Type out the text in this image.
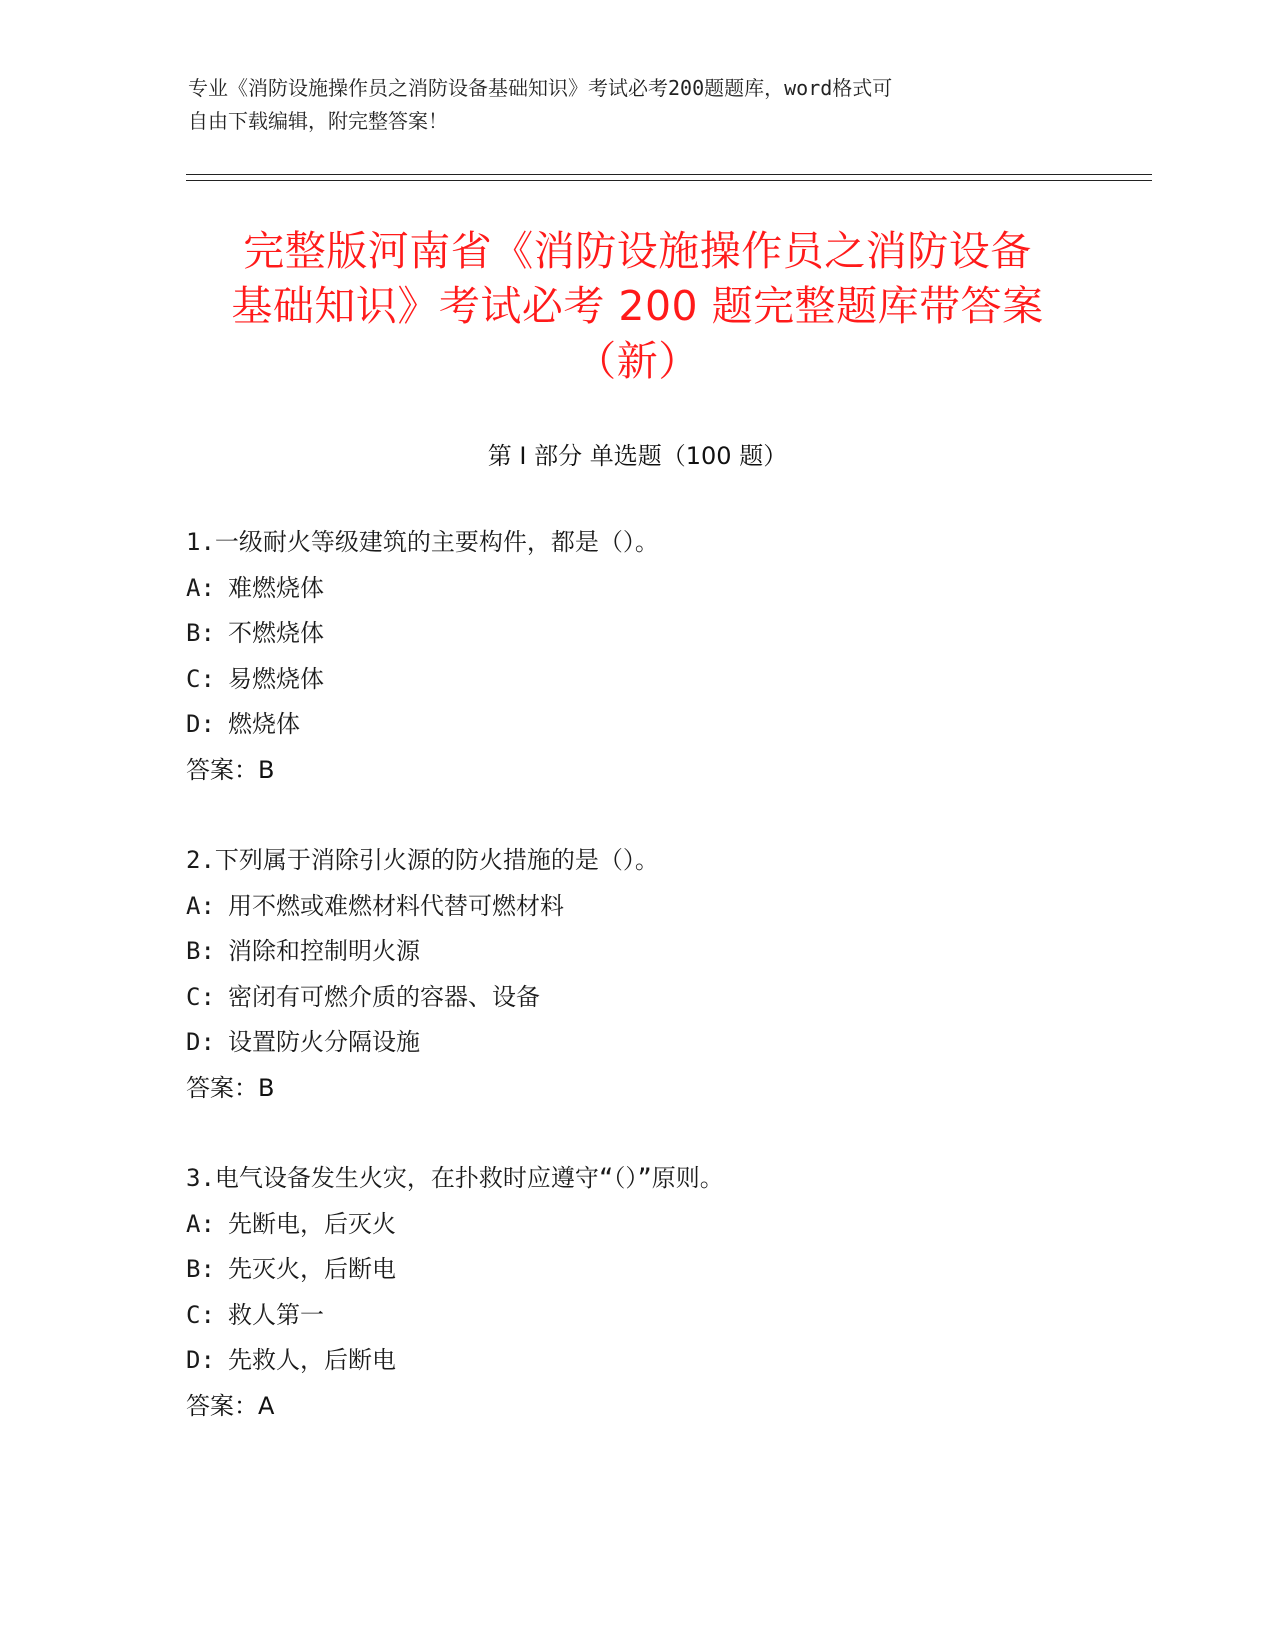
专业《消防设施操作员之消防设备基础知识》考试必考200题题库，word格式可
自由下载编辑，附完整答案！
完整版河南省《消防设施操作员之消防设备
基础知识》考试必考 200 题完整题库带答案
（新）
第 I 部分 单选题（100 题）
1.一级耐火等级建筑的主要构件，都是（）。
A: 难燃烧体
B: 不燃烧体
C: 易燃烧体
D: 燃烧体
答案：B
2.下列属于消除引火源的防火措施的是（）。
A: 用不燃或难燃材料代替可燃材料
B: 消除和控制明火源
C: 密闭有可燃介质的容器、设备
D: 设置防火分隔设施
答案：B
3.电气设备发生火灾，在扑救时应遵守“（）”原则。
A: 先断电，后灭火
B: 先灭火，后断电
C: 救人第一
D: 先救人，后断电
答案：A
